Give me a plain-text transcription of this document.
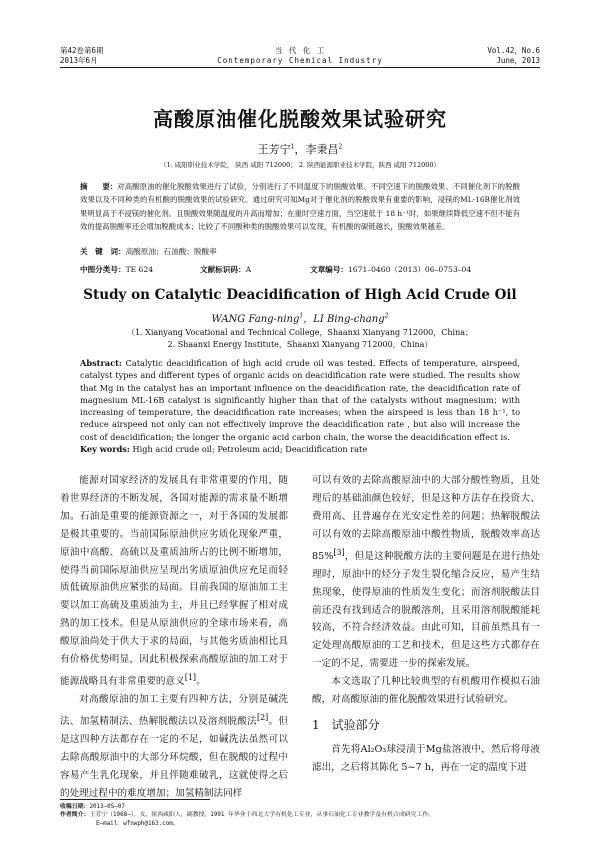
第42卷第6期
2013年6月
当 代 化 工
Contemporary Chemical Industry
Vol.42，No.6
June，2013
高酸原油催化脱酸效果试验研究
王芳宁$^1$，李秉昌$^2$
（1. 咸阳职业技术学院， 陕西 咸阳 712000； 2. 陕西能源职业技术学院，陕西 咸阳 712000）
摘　　要：对高酸原油的催化脱酸效果进行了试验，分别进行了不同温度下的脱酸效果、不同空速下的脱酸效果、不同催化剂下的脱酸效果以及不同种类的有机酸的脱酸效果的试验研究。通过研究可知Mg对于催化剂的脱酸效果有重要的影响，浸镁的ML-16B催化剂效果明显高于不浸镁的催化剂。且脱酸效果随温度的升高而增加；在重时空速方面，当空速低于 18 h⁻¹时，如果继续降低空速不但不能有效的提高脱酸率还会增加脱酸成本；比较了不同酸种类的脱酸效果可以发现，有机酸的碳链越长，脱酸效果越差。
关　键　词：高酸原油；石油酸；脱酸率
中图分类号：TE 624	文献标识码：A	文章编号：1671–0460（2013）06–0753–04
Study on Catalytic Deacidification of High Acid Crude Oil
WANG Fang-ning$^1$，LI Bing-chang$^2$
（1. Xianyang Vocational and Technical College，Shaanxi Xianyang 712000，China；
2. Shaanxi Energy Institute，Shaanxi Xianyang 712000，China）
Abstract: Catalytic deacidification of high acid crude oil was tested. Effects of temperature, airspeed, catalyst types and different types of organic acids on deacidification rate were studied. The results show that Mg in the catalyst has an important influence on the deacidification rate, the deacidification rate of magnesium ML-16B catalyst is significantly higher than that of the catalysts without magnesium；with increasing of temperature, the deacidification rate increases; when the airspeed is less than 18 h⁻¹, to reduce airspeed not only can not effectively improve the deacidification rate , but also will increase the cost of deacidification; the longer the organic acid carbon chain, the worse the deacidification effect is.
Key words: High acid crude oil; Petroleum acid; Deacidification rate

能源对国家经济的发展具有非常重要的作用，随着世界经济的不断发展，各国对能源的需求量不断增加。石油是重要的能源资源之一，对于各国的发展都是极其重要的。当前国际原油供应劣质化现象严重，原油中高酸、高硫以及重质油所占的比例不断增加，使得当前国际原油供应呈现出劣质原油供应充足而轻质低硫原油供应紧张的局面。目前我国的原油加工主要以加工高硫及重质油为主，并且已经掌握了相对成熟的加工技术。但是从原油供应的全球市场来看，高酸原油尚处于供大于求的局面，与其他劣质油相比具有价格优势明显，因此积极探索高酸原油的加工对于能源战略具有非常重要的意义[1]。

对高酸原油的加工主要有四种方法，分别是碱洗法、加氢精制法、热解脱酸法以及溶剂脱酸法[2]。但是这四种方法都存在一定的不足，如碱洗法虽然可以去除高酸原油中的大部分环烷酸，但在脱酸的过程中容易产生乳化现象，并且伴随难破乳，这就使得之后的处理过程中的难度增加；加氢精制法同样

可以有效的去除高酸原油中的大部分酸性物质，且处理后的基础油颜色较好，但是这种方法存在投资大、费用高、且普遍存在光安定性差的问题；热解脱酸法可以有效的去除高酸原油中酸性物质，脱酸效率高达 85%[3]，但是这种脱酸方法的主要问题是在进行热处理时，原油中的烃分子发生裂化缩合反应，易产生结焦现象，使得原油的性质发生变化；而溶剂脱酸法目前还没有找到适合的脱酸溶剂，且采用溶剂脱酸能耗较高，不符合经济效益。由此可知，目前虽然具有一定处理高酸原油的工艺和技术，但是这些方式都存在一定的不足，需要进一步的探索发展。

本文选取了几种比较典型的有机酸用作模拟石油酸，对高酸原油的催化脱酸效果进行试验研究。

1　 试验部分

首先将Al₂O₃球浸渍于Mg盐溶液中，然后将母液滤出，之后将其陈化 5~7 h，再在一定的温度下进

收稿日期：2013–05–07
作者简介：王芳宁（1968–），女，陕西咸阳人，副教授，1991 年毕业于西北大学有机化工专业，从事石油化工专业教学及有机合成研究工作。
E–mail：wfnwph@163.com。
